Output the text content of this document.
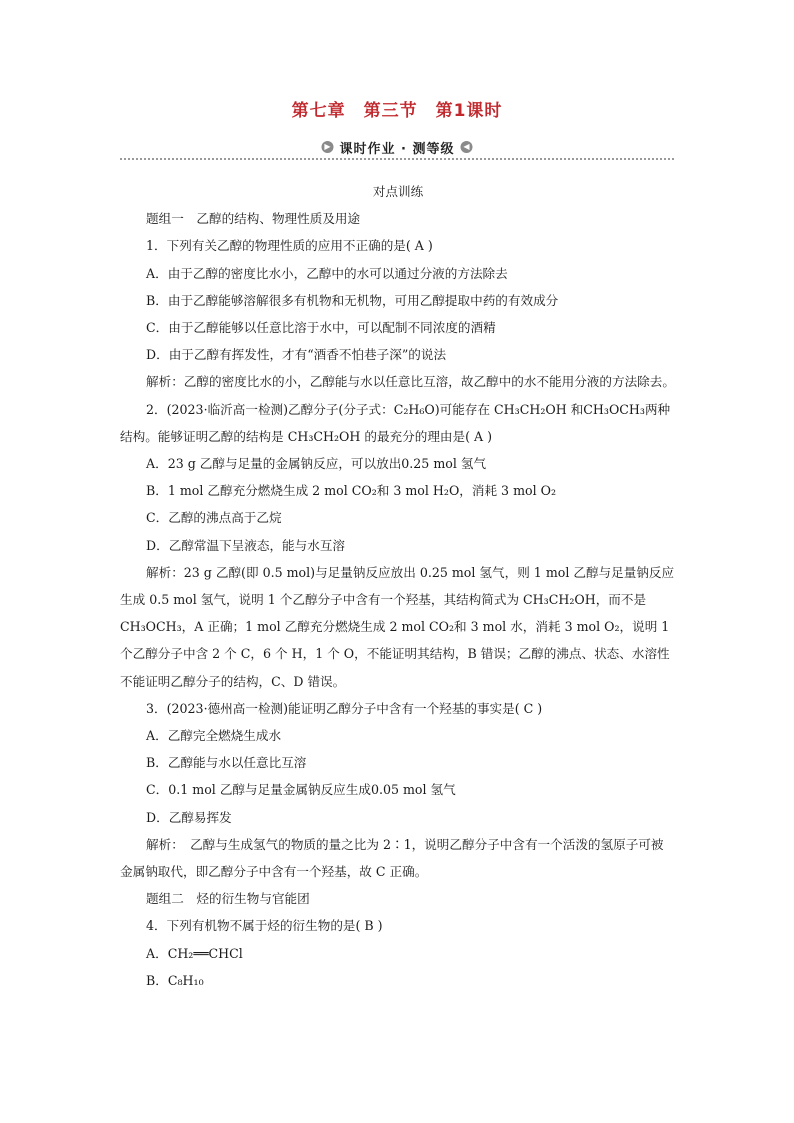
第七章　第三节　第1课时
▶ 课时作业 · 测等级	◀

对点训练

题组一　乙醇的结构、物理性质及用途

1．下列有关乙醇的物理性质的应用不正确的是( A )

A．由于乙醇的密度比水小，乙醇中的水可以通过分液的方法除去

B．由于乙醇能够溶解很多有机物和无机物，可用乙醇提取中药的有效成分

C．由于乙醇能够以任意比溶于水中，可以配制不同浓度的酒精

D．由于乙醇有挥发性，才有“酒香不怕巷子深”的说法

解析：乙醇的密度比水的小，乙醇能与水以任意比互溶，故乙醇中的水不能用分液的方法除去。

2．(2023·临沂高一检测)乙醇分子(分子式：C₂H₆O)可能存在 CH₃CH₂OH 和CH₃OCH₃两种

结构。能够证明乙醇的结构是 CH₃CH₂OH 的最充分的理由是( A )

A．23 g 乙醇与足量的金属钠反应，可以放出0.25 mol 氢气

B．1 mol 乙醇充分燃烧生成 2 mol CO₂和 3 mol H₂O，消耗 3 mol O₂

C．乙醇的沸点高于乙烷

D．乙醇常温下呈液态，能与水互溶

解析：23 g 乙醇(即 0.5 mol)与足量钠反应放出 0.25 mol 氢气，则 1 mol 乙醇与足量钠反应生成 0.5 mol 氢气，说明 1 个乙醇分子中含有一个羟基，其结构简式为 CH₃CH₂OH，而不是 CH₃OCH₃，A 正确；1 mol 乙醇充分燃烧生成 2 mol CO₂和 3 mol 水，消耗 3 mol O₂，说明 1 个乙醇分子中含 2 个 C，6 个 H，1 个 O，不能证明其结构，B 错误；乙醇的沸点、状态、水溶性不能证明乙醇分子的结构，C、D 错误。

3．(2023·德州高一检测)能证明乙醇分子中含有一个羟基的事实是( C )

A．乙醇完全燃烧生成水

B．乙醇能与水以任意比互溶

C．0.1 mol 乙醇与足量金属钠反应生成0.05 mol 氢气

D．乙醇易挥发

解析：　乙醇与生成氢气的物质的量之比为 2∶1，说明乙醇分子中含有一个活泼的氢原子可被金属钠取代，即乙醇分子中含有一个羟基，故 C 正确。

题组二　烃的衍生物与官能团

4．下列有机物不属于烃的衍生物的是( B )

A．CH₂══CHCl

B．C₈H₁₀
